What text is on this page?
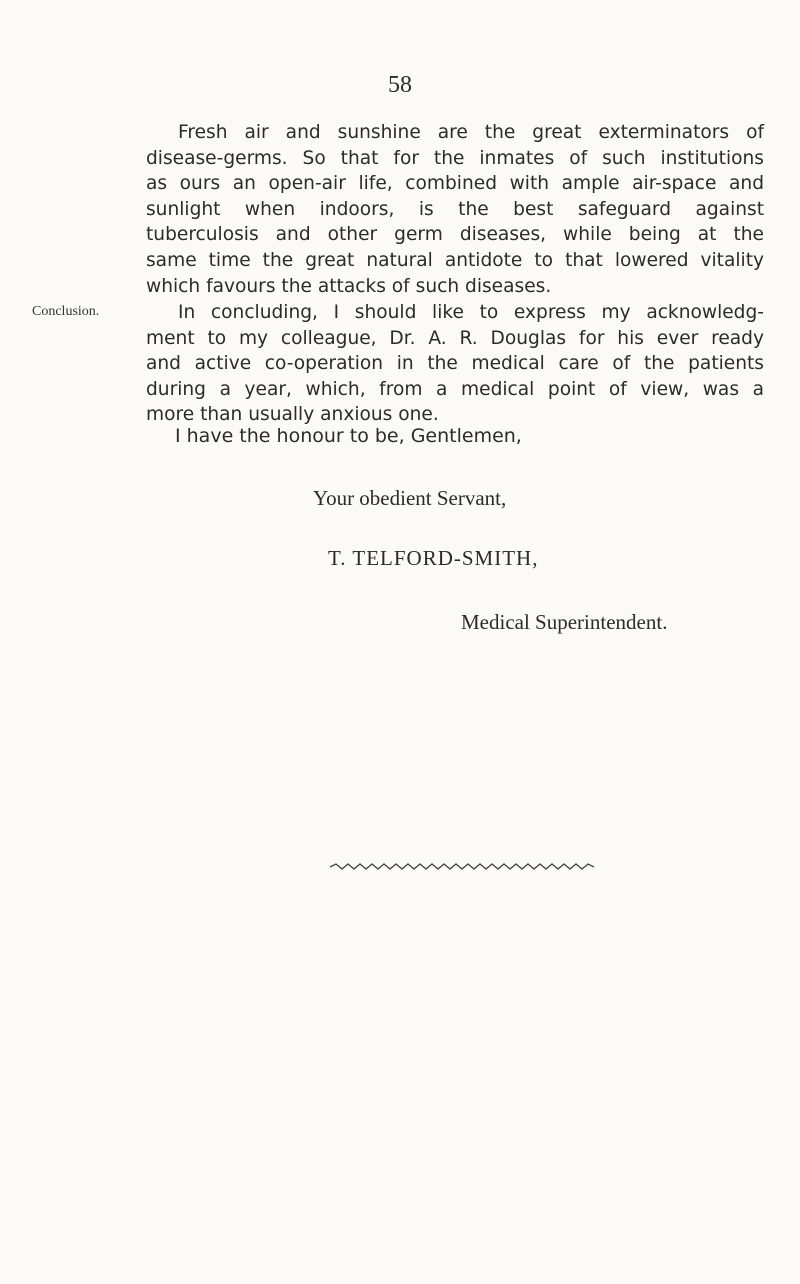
58
Fresh air and sunshine are the great exterminators of
disease-germs. So that for the inmates of such institutions
as ours an open-air life, combined with ample air-space and
sunlight when indoors, is the best safeguard against
tuberculosis and other germ diseases, while being at the
same time the great natural antidote to that lowered vitality
which favours the attacks of such diseases.
Conclusion.	In concluding, I should like to express my acknowledg-
ment to my colleague, Dr. A. R. Douglas for his ever ready
and active co-operation in the medical care of the patients
during a year, which, from a medical point of view, was a
more than usually anxious one.
I have the honour to be, Gentlemen,
Your obedient Servant,
T. TELFORD-SMITH,
Medical Superintendent.
